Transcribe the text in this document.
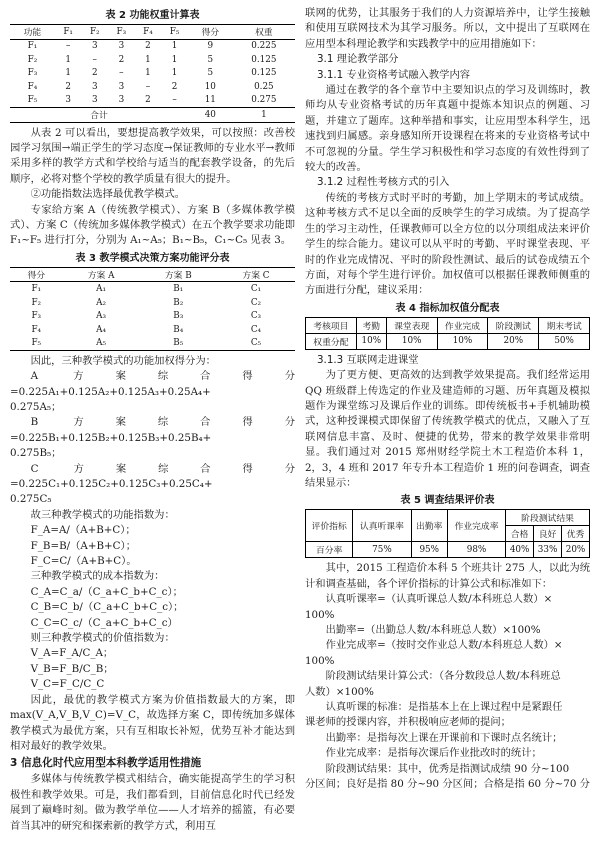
表 2 功能权重计算表
功能	F₁	F₂	F₃	F₄	F₅	得分	权重
F₁	–	3	3	2	1	9	0.225
F₂	1	–	2	1	1	5	0.125
F₃	1	2	–	1	1	5	0.125
F₄	2	3	3	–	2	10	0.25
F₅	3	3	3	2	–	11	0.275
合计						40	1

从表 2 可以看出，要想提高教学效果，可以按照：改善校园学习氛围→端正学生的学习态度→保证教师的专业水平→教师采用多样的教学方式和学校给与适当的配套教学设备，的先后顺序，必将对整个学校的教学质量有很大的提升。

②功能指数法选择最优教学模式。

专家给方案 A（传统教学模式）、方案 B（多媒体教学模式）、方案 C（传统加多媒体教学模式）在五个教学要求功能即 F₁~F₅ 进行打分，分别为 A₁~A₅；B₁~B₅，C₁~C₅ 见表 3。

表 3 教学模式决策方案功能评分表
得分	方案 A	方案 B	方案 C
F₁	A₁	B₁	C₁
F₂	A₂	B₂	C₂
F₃	A₃	B₃	C₃
F₄	A₄	B₄	C₄
F₅	A₅	B₅	C₅

因此，三种教学模式的功能加权得分为：

A 方案综合得分=0.225A₁+0.125A₂+0.125A₃+0.25A₄+

0.275A₅；

B 方案综合得分=0.225B₁+0.125B₂+0.125B₃+0.25B₄+

0.275B₅；

C 方案综合得分=0.225C₁+0.125C₂+0.125C₃+0.25C₄+

0.275C₅

故三种教学模式的功能指数为：

F_A=A/（A+B+C）；

F_B=B/（A+B+C）；

F_C=C/（A+B+C）。

三种教学模式的成本指数为：

C_A=C_a/（C_a+C_b+C_c）；

C_B=C_b/（C_a+C_b+C_c）；

C_C=C_c/（C_a+C_b+C_c）

则三种教学模式的价值指数为：

V_A=F_A/C_A；

V_B=F_B/C_B；

V_C=F_C/C_C

因此，最优的教学模式方案为价值指数最大的方案，即 max(V_A,V_B,V_C)=V_C，故选择方案 C，即传统加多媒体教学模式为最优方案，只有互相取长补短，优势互补才能达到相对最好的教学效果。

3 信息化时代应用型本科教学适用性措施

多媒体与传统教学模式相结合，确实能提高学生的学习积极性和教学效果。可是，我们都看到，目前信息化时代已经发展到了巅峰时刻。做为教学单位——人才培养的摇篮，有必要首当其冲的研究和探索新的教学方式，利用互

联网的优势，让其服务于我们的人力资源培养中，让学生接触和使用互联网技术为其学习服务。所以，文中提出了互联网在应用型本科理论教学和实践教学中的应用措施如下：

3.1 理论教学部分

3.1.1 专业资格考试融入教学内容

通过在教学的各个章节中主要知识点的学习及训练时，教师均从专业资格考试的历年真题中提炼本知识点的例题、习题，并建立了题库。这种举措和事实，让应用型本科学生，迅速找到归属感。亲身感知所开设课程在将来的专业资格考试中不可忽视的分量。学生学习积极性和学习态度的有效性得到了较大的改善。

3.1.2 过程性考核方式的引入

传统的考核方式时平时的考勤，加上学期末的考试成绩。这种考核方式不足以全面的反映学生的学习成绩。为了提高学生的学习主动性，任课教师可以全方位的以分项组成法来评价学生的综合能力。建议可以从平时的考勤、平时课堂表现、平时的作业完成情况、平时的阶段性测试、最后的试卷成绩五个方面，对每个学生进行评价。加权值可以根据任课教师侧重的方面进行分配，建议采用：

表 4 指标加权值分配表
考核项目	考勤	课堂表现	作业完成	阶段测试	期末考试
权重分配	10%	10%	10%	20%	50%

3.1.3 互联网走进课堂

为了更方便、更高效的达到教学效果提高。我们经常运用 QQ 班级群上传选定的作业及建造师的习题、历年真题及模拟题作为课堂练习及课后作业的训练。即传统板书+手机辅助模式，这种授课模式即保留了传统教学模式的优点，又融入了互联网信息丰富、及时、便捷的优势，带来的教学效果非常明显。我们通过对 2015 郑州财经学院土木工程造价本科 1，2，3，4 班和 2017 年专升本工程造价 1 班的问卷调查，调查结果显示：

表 5 调查结果评价表
评价指标	认真听课率	出勤率	作业完成率	阶段测试结果		
				合格	良好	优秀
百分率	75%	95%	98%	40%	33%	20%

其中，2015 工程造价本科 5 个班共计 275 人，以此为统计和调查基础，各个评价指标的计算公式和标准如下：

认真听课率=（认真听课总人数/本科班总人数）×

100%

出勤率=（出勤总人数/本科班总人数）×100%

作业完成率=（按时交作业总人数/本科班总人数）×

100%

阶段测试结果计算公式：（各分数段总人数/本科班总

人数）×100%

认真听课的标准：是指基本上在上课过程中是紧跟任

课老师的授课内容，并积极响应老师的提问；

出勤率：是指每次上课在开课前和下课时点名统计；

作业完成率：是指每次课后作业批改时的统计；

阶段测试结果：其中，优秀是指测试成绩 90 分~100

分区间；良好是指 80 分~90 分区间；合格是指 60 分~70 分
